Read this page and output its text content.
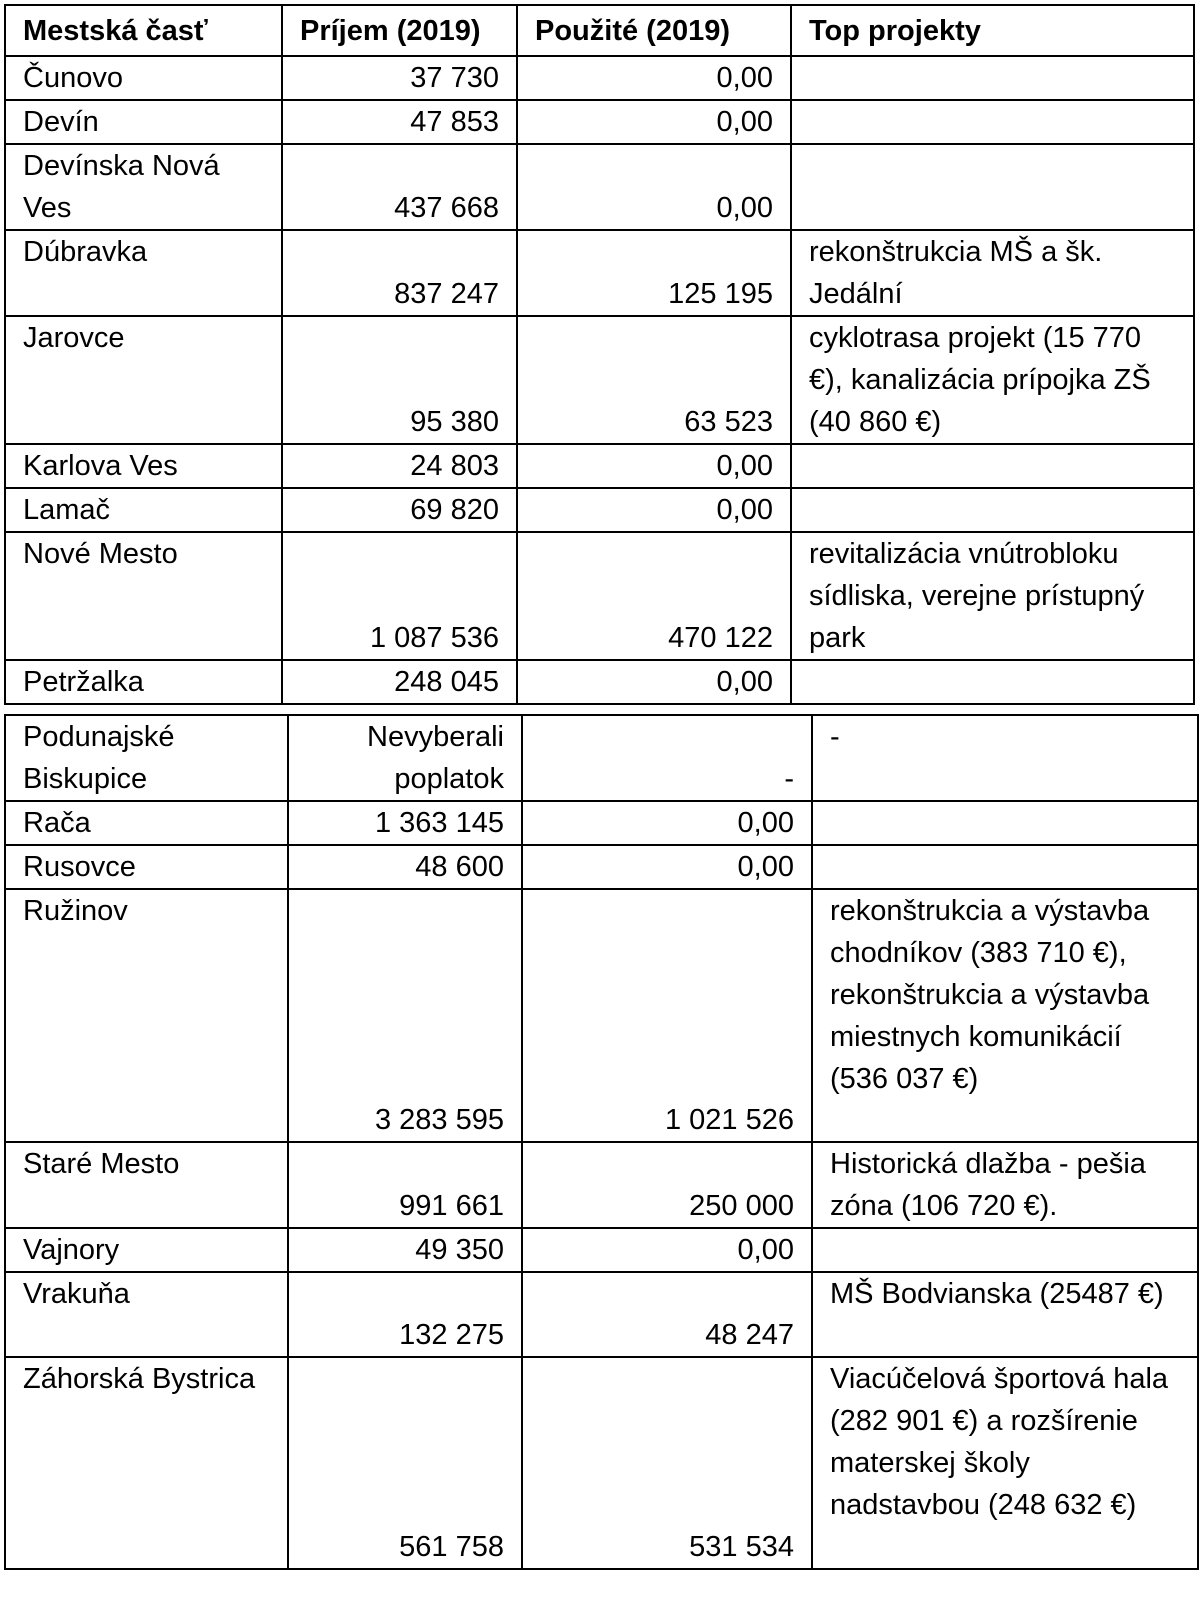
Mestská časť	Príjem (2019)	Použité (2019)	Top projekty
Čunovo	37 730	0,00	
Devín	47 853	0,00	
Devínska Nová Ves	437 668	0,00	
Dúbravka	837 247	125 195	rekonštrukcia MŠ a šk. Jedální
Jarovce	95 380	63 523	cyklotrasa projekt (15 770 €), kanalizácia prípojka ZŠ (40 860 €)
Karlova Ves	24 803	0,00	
Lamač	69 820	0,00	
Nové Mesto	1 087 536	470 122	revitalizácia vnútrobloku sídliska, verejne prístupný park
Petržalka	248 045	0,00	
Podunajské Biskupice	Nevyberali poplatok	-	-
Rača	1 363 145	0,00	
Rusovce	48 600	0,00	
Ružinov	3 283 595	1 021 526	rekonštrukcia a výstavba chodníkov (383 710 €), rekonštrukcia a výstavba miestnych komunikácií (536 037 €)
Staré Mesto	991 661	250 000	Historická dlažba - pešia zóna (106 720 €).
Vajnory	49 350	0,00	
Vrakuňa	132 275	48 247	MŠ Bodvianska (25487 €)
Záhorská Bystrica	561 758	531 534	Viacúčelová športová hala (282 901 €) a rozšírenie materskej školy nadstavbou (248 632 €)
